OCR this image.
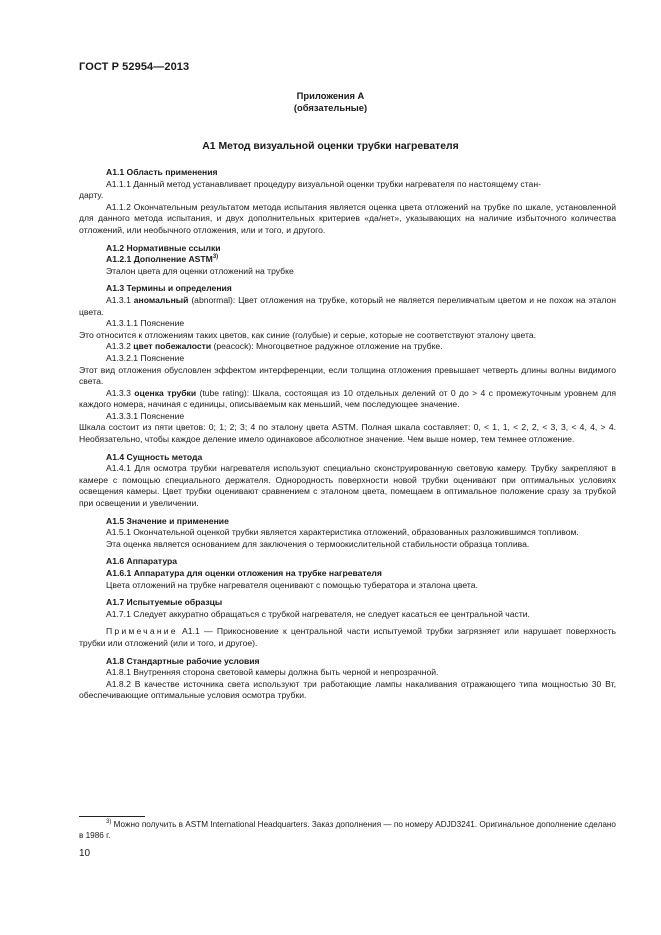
ГОСТ Р 52954—2013
Приложения А
(обязательные)
А1 Метод визуальной оценки трубки нагревателя
А1.1 Область применения
А1.1.1 Данный метод устанавливает процедуру визуальной оценки трубки нагревателя по настоящему стан-
дарту.
А1.1.2 Окончательным результатом метода испытания является оценка цвета отложений на трубке по шкале, установленной для данного метода испытания, и двух дополнительных критериев «да/нет», указывающих на наличие избыточного количества отложений, или необычного отложения, или и того, и другого.
А1.2 Нормативные ссылки
А1.2.1 Дополнение ASTM$^{3)}$
Эталон цвета для оценки отложений на трубке
А1.3 Термины и определения
А1.3.1 аномальный (abnormal): Цвет отложения на трубке, который не является переливчатым цветом и не похож на эталон цвета.
А1.3.1.1 Пояснение
Это относится к отложениям таких цветов, как синие (голубые) и серые, которые не соответствуют эталону цвета.
А1.3.2 цвет побежалости (peacock): Многоцветное радужное отложение на трубке.
А1.3.2.1 Пояснение
Этот вид отложения обусловлен эффектом интерференции, если толщина отложения превышает четверть длины волны видимого света.
А1.3.3 оценка трубки (tube rating): Шкала, состоящая из 10 отдельных делений от 0 до > 4 с промежуточным уровнем для каждого номера, начиная с единицы, описываемым как меньший, чем последующее значение.
А1.3.3.1 Пояснение
Шкала состоит из пяти цветов: 0; 1; 2; 3; 4 по эталону цвета ASTM. Полная шкала составляет: 0, < 1, 1, < 2, 2, < 3, 3, < 4, 4, > 4. Необязательно, чтобы каждое деление имело одинаковое абсолютное значение. Чем выше номер, тем темнее отложение.
А1.4 Сущность метода
А1.4.1 Для осмотра трубки нагревателя используют специально сконструированную световую камеру. Трубку закрепляют в камере с помощью специального держателя. Однородность поверхности новой трубки оценивают при оптимальных условиях освещения камеры. Цвет трубки оценивают сравнением с эталоном цвета, помещаем в оптимальное положение сразу за трубкой при освещении и увеличении.
А1.5 Значение и применение
А1.5.1 Окончательной оценкой трубки является характеристика отложений, образованных разложившимся топливом.
Эта оценка является основанием для заключения о термоокислительной стабильности образца топлива.
А1.6 Аппаратура
А1.6.1 Аппаратура для оценки отложения на трубке нагревателя
Цвета отложений на трубке нагревателя оценивают с помощью тубератора и эталона цвета.
А1.7 Испытуемые образцы
А1.7.1 Следует аккуратно обращаться с трубкой нагревателя, не следует касаться ее центральной части.
Примечание А1.1 — Прикосновение к центральной части испытуемой трубки загрязняет или нарушает поверхность трубки или отложений (или и того, и другое).
А1.8 Стандартные рабочие условия
А1.8.1 Внутренняя сторона световой камеры должна быть черной и непрозрачной.
А1.8.2 В качестве источника света используют три работающие лампы накаливания отражающего типа мощностью 30 Вт, обеспечивающие оптимальные условия осмотра трубки.
$^{3)}$ Можно получить в ASTM International Headquarters. Заказ дополнения — по номеру ADJD3241. Оригинальное дополнение сделано в 1986 г.
10
